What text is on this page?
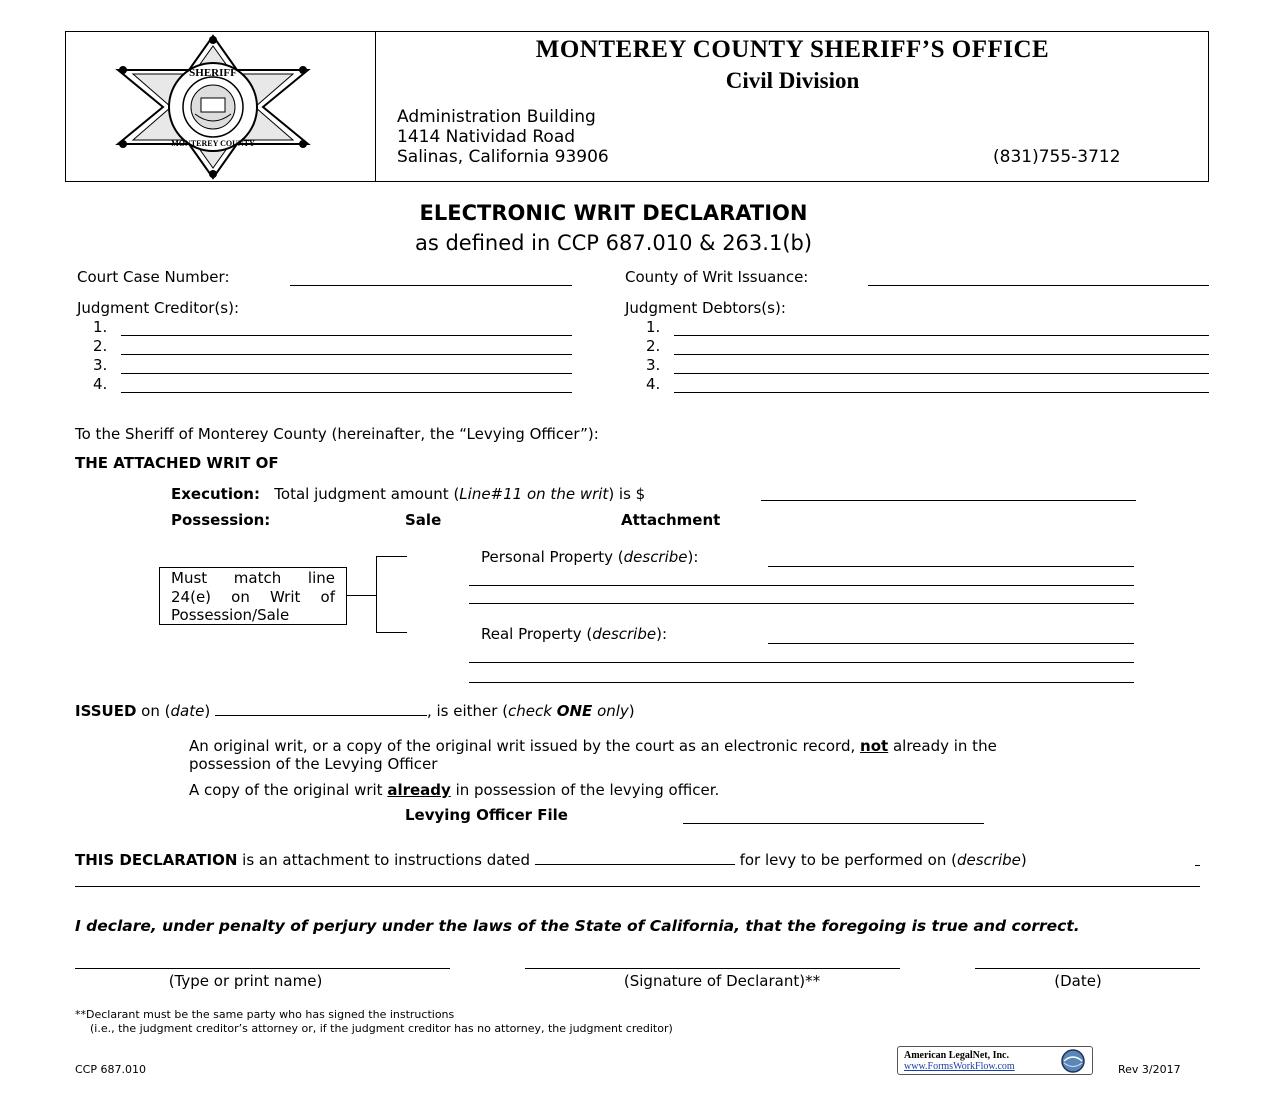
SHERIFF
MONTEREY COUNTY
MONTEREY COUNTY SHERIFF’S OFFICE
Civil Division
Administration Building
1414 Natividad Road
Salinas, California 93906	(831)755-3712
ELECTRONIC WRIT DECLARATION
as defined in CCP 687.010 & 263.1(b)
Court Case Number:	County of Writ Issuance:
Judgment Creditor(s):	Judgment Debtors(s):
1.
2.
3.
4.
1.
2.
3.
4.
To the Sheriff of Monterey County (hereinafter, the “Levying Officer”):
THE ATTACHED WRIT OF
Execution: Total judgment amount (Line#11 on the writ) is $
Possession:	Sale	Attachment
Must match line 24(e) on Writ of Possession/Sale
Personal Property (describe):
Real Property (describe):
ISSUED on (date)	, is either (check ONE only)
An original writ, or a copy of the original writ issued by the court as an electronic record, not already in the
possession of the Levying Officer
A copy of the original writ already in possession of the levying officer.
Levying Officer File
THIS DECLARATION is an attachment to instructions dated	for levy to be performed on (describe)
I declare, under penalty of perjury under the laws of the State of California, that the foregoing is true and correct.
(Type or print name)	(Signature of Declarant)**	(Date)
**Declarant must be the same party who has signed the instructions
(i.e., the judgment creditor’s attorney or, if the judgment creditor has no attorney, the judgment creditor)
CCP 687.010
American LegalNet, Inc.
www.FormsWorkFlow.com	Rev 3/2017
